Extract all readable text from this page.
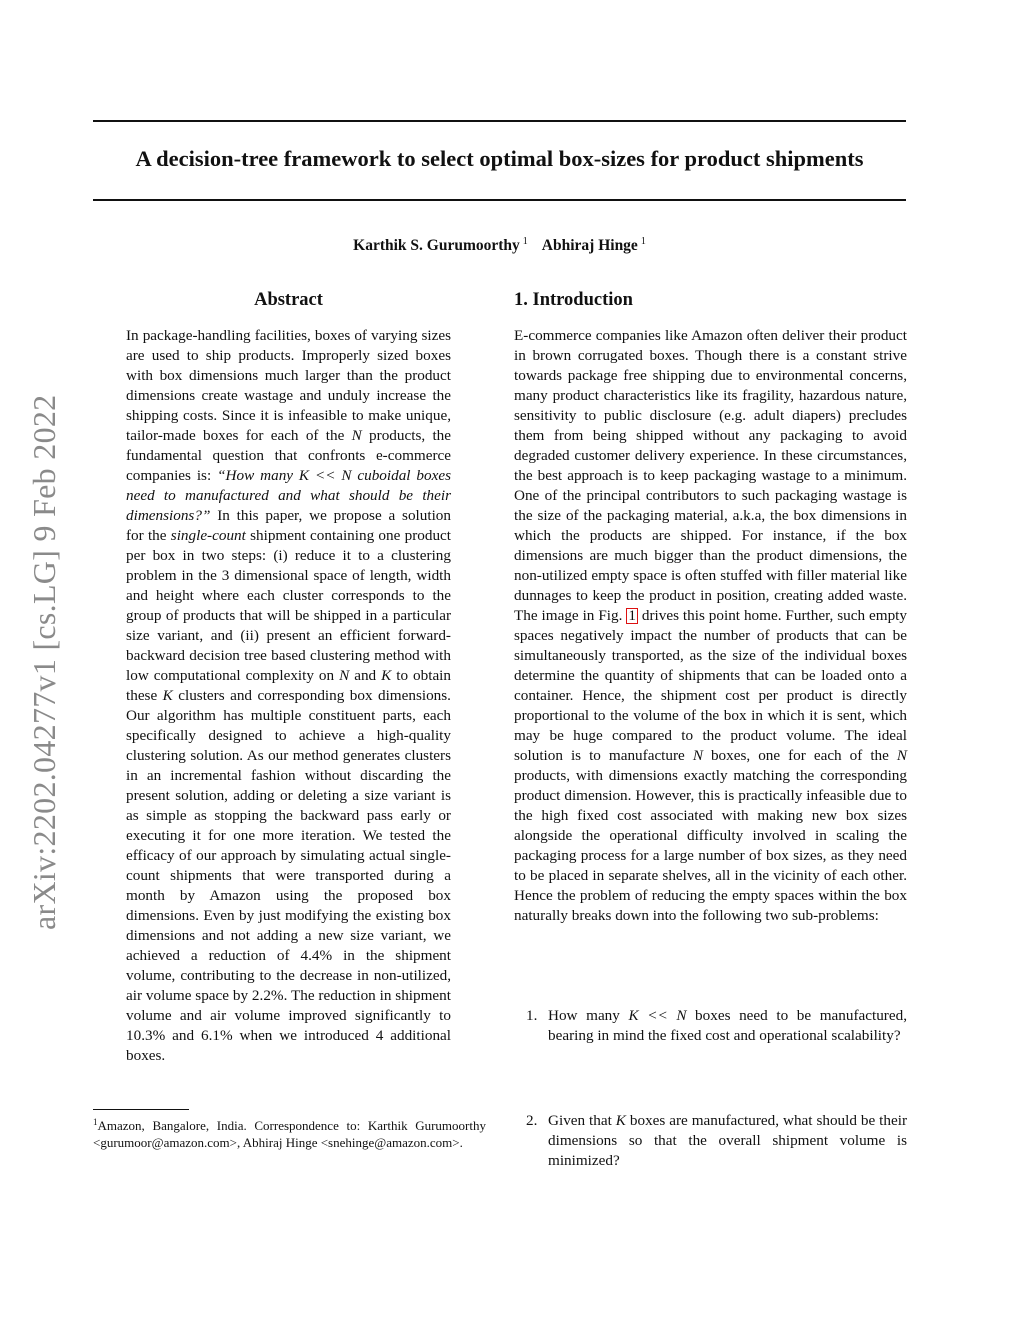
arXiv:2202.04277v1 [cs.LG] 9 Feb 2022
A decision-tree framework to select optimal box-sizes for product shipments
Karthik S. Gurumoorthy $^1$ Abhiraj Hinge $^1$
Abstract

In package-handling facilities, boxes of varying sizes are used to ship products. Improperly sized boxes with box dimensions much larger than the product dimensions create wastage and unduly increase the shipping costs. Since it is infeasible to make unique, tailor-made boxes for each of the N products, the fundamental question that confronts e-commerce companies is: “How many K << N cuboidal boxes need to manufactured and what should be their dimensions?” In this paper, we propose a solution for the single-count shipment containing one product per box in two steps: (i) reduce it to a clustering problem in the 3 dimensional space of length, width and height where each cluster corresponds to the group of products that will be shipped in a particular size variant, and (ii) present an efficient forward-backward decision tree based clustering method with low computational complexity on N and K to obtain these K clusters and corresponding box dimensions. Our algorithm has multiple constituent parts, each specifically designed to achieve a high-quality clustering solution. As our method generates clusters in an incremental fashion without discarding the present solution, adding or deleting a size variant is as simple as stopping the backward pass early or executing it for one more iteration. We tested the efficacy of our approach by simulating actual single-count shipments that were transported during a month by Amazon using the proposed box dimensions. Even by just modifying the existing box dimensions and not adding a new size variant, we achieved a reduction of 4.4% in the shipment volume, contributing to the decrease in non-utilized, air volume space by 2.2%. The reduction in shipment volume and air volume improved significantly to 10.3% and 6.1% when we introduced 4 additional boxes.

1. Introduction

E-commerce companies like Amazon often deliver their product in brown corrugated boxes. Though there is a constant strive towards package free shipping due to environmental concerns, many product characteristics like its fragility, hazardous nature, sensitivity to public disclosure (e.g. adult diapers) precludes them from being shipped without any packaging to avoid degraded customer delivery experience. In these circumstances, the best approach is to keep packaging wastage to a minimum. One of the principal contributors to such packaging wastage is the size of the packaging material, a.k.a, the box dimensions in which the products are shipped. For instance, if the box dimensions are much bigger than the product dimensions, the non-utilized empty space is often stuffed with filler material like dunnages to keep the product in position, creating added waste. The image in Fig. 1 drives this point home. Further, such empty spaces negatively impact the number of products that can be simultaneously transported, as the size of the individual boxes determine the quantity of shipments that can be loaded onto a container. Hence, the shipment cost per product is directly proportional to the volume of the box in which it is sent, which may be huge compared to the product volume. The ideal solution is to manufacture N boxes, one for each of the N products, with dimensions exactly matching the corresponding product dimension. However, this is practically infeasible due to the high fixed cost associated with making new box sizes alongside the operational difficulty involved in scaling the packaging process for a large number of box sizes, as they need to be placed in separate shelves, all in the vicinity of each other. Hence the problem of reducing the empty spaces within the box naturally breaks down into the following two sub-problems:

1. How many K << N boxes need to be manufactured, bearing in mind the fixed cost and operational scalability?
2. Given that K boxes are manufactured, what should be their dimensions so that the overall shipment volume is minimized?
$^1$Amazon, Bangalore, India. Correspondence to: Karthik Gurumoorthy <gurumoor@amazon.com>, Abhiraj Hinge <snehinge@amazon.com>.
